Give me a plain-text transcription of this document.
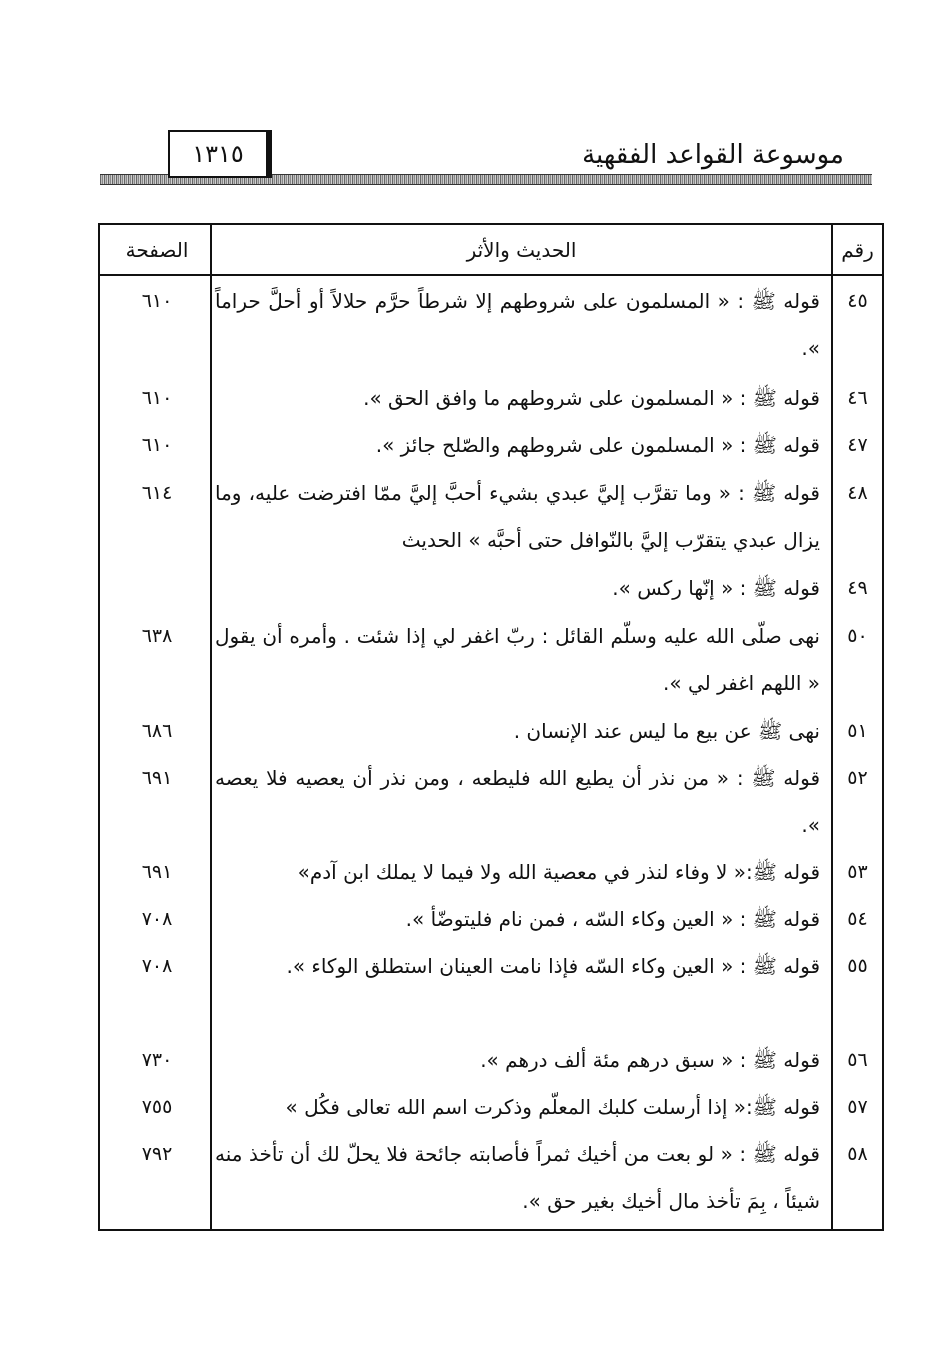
١٣١٥	موسوعة القواعد الفقهية
رقم
الحديث والأثر
الصفحة
٤٥
قوله ﷺ : « المسلمون على شروطهم إلا شرطاً حرَّم حلالاً أو أحلَّ حراماً ».
٦١٠
٤٦
قوله ﷺ : « المسلمون على شروطهم ما وافق الحق ».
٦١٠
٤٧
قوله ﷺ : « المسلمون على شروطهم والصّلح جائز ».
٦١٠
٤٨
قوله ﷺ : « وما تقرَّب إليَّ عبدي بشيء أحبَّ إليَّ ممّا افترضت عليه، وما يزال عبدي يتقرّب إليَّ بالنّوافل حتى أحبَّه » الحديث
٦١٤
٤٩
قوله ﷺ : « إنّها ركس ».
٥٠
نهى صلّى الله عليه وسلّم القائل : ربّ اغفر لي إذا شئت . وأمره أن يقول « اللهم اغفر لي ».
٦٣٨
٥١
نهى ﷺ عن بيع ما ليس عند الإنسان .
٦٨٦
٥٢
قوله ﷺ : « من نذر أن يطيع الله فليطعه ، ومن نذر أن يعصيه فلا يعصه ».
٦٩١
٥٣
قوله ﷺ:« لا وفاء لنذر في معصية الله ولا فيما لا يملك ابن آدم»
٦٩١
٥٤
قوله ﷺ : « العين وكاء السّه ، فمن نام فليتوضّأ ».
٧٠٨
٥٥
قوله ﷺ : « العين وكاء السّه فإذا نامت العينان استطلق الوكاء ».
٧٠٨
٥٦
قوله ﷺ : « سبق درهم مئة ألف درهم ».
٧٣٠
٥٧
قوله ﷺ:« إذا أرسلت كلبك المعلّم وذكرت اسم الله تعالى فكُل »
٧٥٥
٥٨
قوله ﷺ : « لو بعت من أخيك ثمراً فأصابته جائحة فلا يحلّ لك أن تأخذ منه شيئاً ، بِمَ تأخذ مال أخيك بغير حق ».
٧٩٢
